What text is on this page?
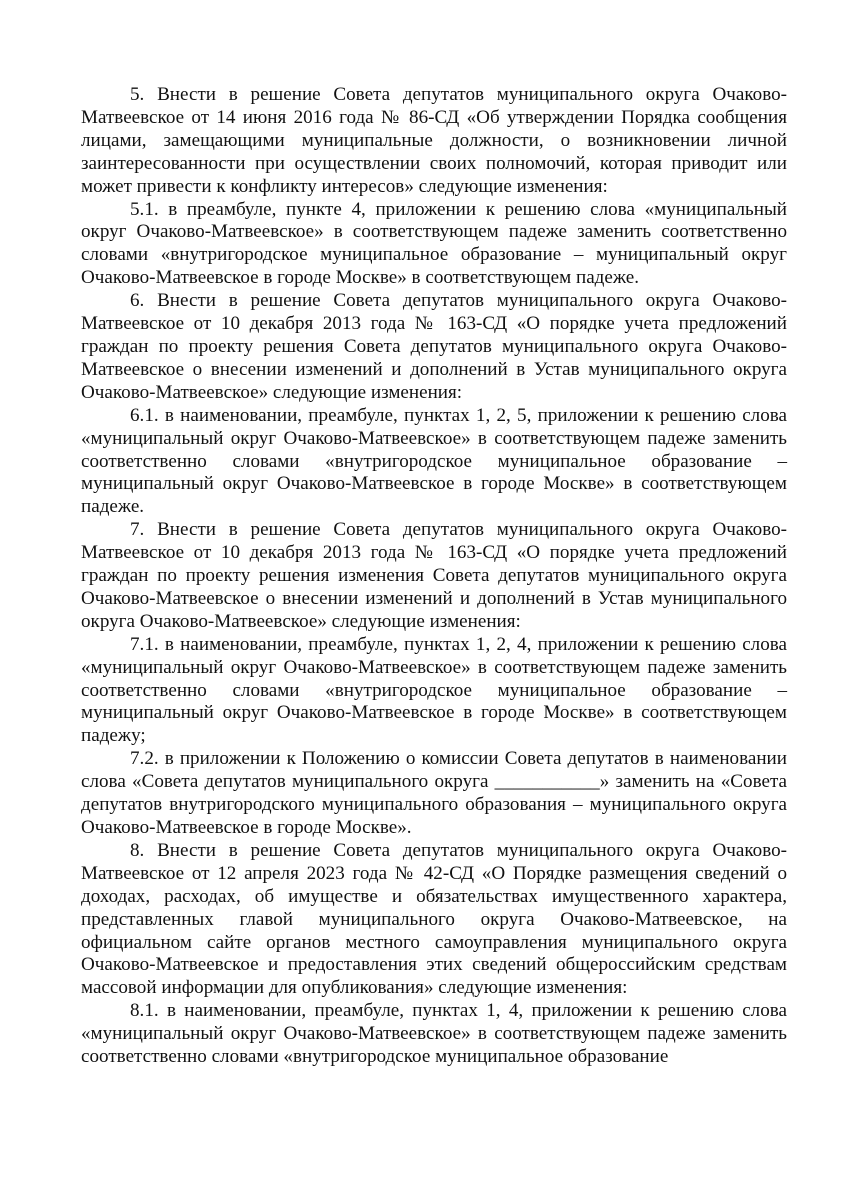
5. Внести в решение Совета депутатов муниципального округа Очаково-Матвеевское от 14 июня 2016 года № 86-СД «Об утверждении Порядка сообщения лицами, замещающими муниципальные должности, о возникновении личной заинтересованности при осуществлении своих полномочий, которая приводит или может привести к конфликту интересов» следующие изменения:

5.1. в преамбуле, пункте 4, приложении к решению слова «муниципальный округ Очаково-Матвеевское» в соответствующем падеже заменить соответственно словами «внутригородское муниципальное образование – муниципальный округ Очаково-Матвеевское в городе Москве» в соответствующем падеже.

6. Внести в решение Совета депутатов муниципального округа Очаково-Матвеевское от 10 декабря 2013 года № 163-СД «О порядке учета предложений граждан по проекту решения Совета депутатов муниципального округа Очаково-Матвеевское о внесении изменений и дополнений в Устав муниципального округа Очаково-Матвеевское» следующие изменения:

6.1. в наименовании, преамбуле, пунктах 1, 2, 5, приложении к решению слова «муниципальный округ Очаково-Матвеевское» в соответствующем падеже заменить соответственно словами «внутригородское муниципальное образование – муниципальный округ Очаково-Матвеевское в городе Москве» в соответствующем падеже.

7. Внести в решение Совета депутатов муниципального округа Очаково-Матвеевское от 10 декабря 2013 года № 163-СД «О порядке учета предложений граждан по проекту решения изменения Совета депутатов муниципального округа Очаково-Матвеевское о внесении изменений и дополнений в Устав муниципального округа Очаково-Матвеевское» следующие изменения:

7.1. в наименовании, преамбуле, пунктах 1, 2, 4, приложении к решению слова «муниципальный округ Очаково-Матвеевское» в соответствующем падеже заменить соответственно словами «внутригородское муниципальное образование – муниципальный округ Очаково-Матвеевское в городе Москве» в соответствующем падежу;

7.2. в приложении к Положению о комиссии Совета депутатов в наименовании слова «Совета депутатов муниципального округа ___________» заменить на «Совета депутатов внутригородского муниципального образования – муниципального округа Очаково-Матвеевское в городе Москве».

8. Внести в решение Совета депутатов муниципального округа Очаково-Матвеевское от 12 апреля 2023 года № 42-СД «О Порядке размещения сведений о доходах, расходах, об имуществе и обязательствах имущественного характера, представленных главой муниципального округа Очаково-Матвеевское, на официальном сайте органов местного самоуправления муниципального округа Очаково-Матвеевское и предоставления этих сведений общероссийским средствам массовой информации для опубликования» следующие изменения:

8.1. в наименовании, преамбуле, пунктах 1, 4, приложении к решению слова «муниципальный округ Очаково-Матвеевское» в соответствующем падеже заменить соответственно словами «внутригородское муниципальное образование
